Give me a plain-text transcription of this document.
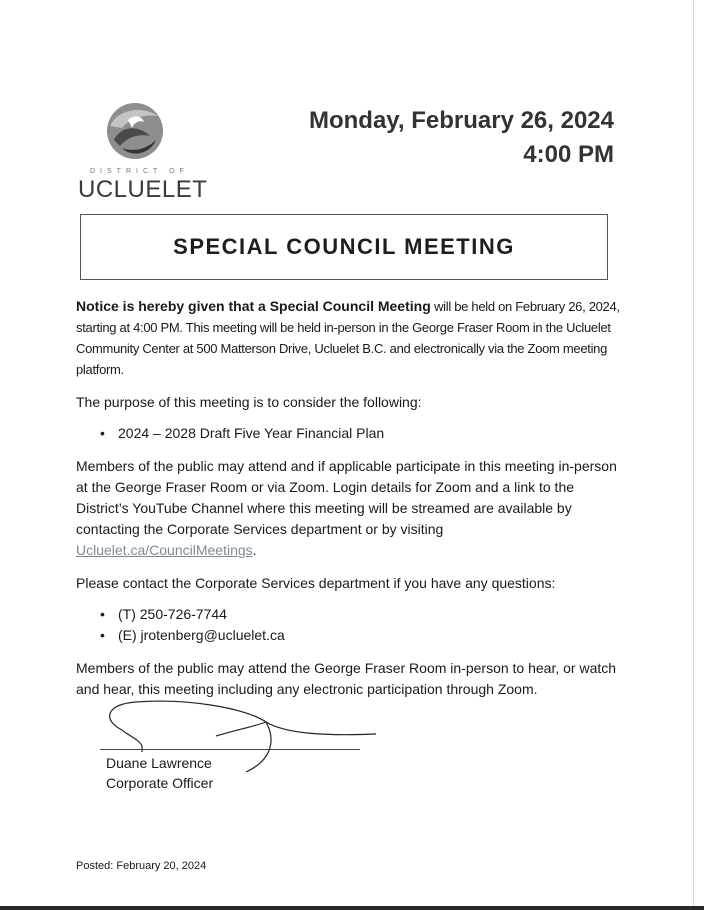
DISTRICT OF
UCLUELET
Monday, February 26, 2024
4:00 PM
SPECIAL COUNCIL MEETING

Notice is hereby given that a Special Council Meeting will be held on February 26, 2024, starting at 4:00 PM. This meeting will be held in-person in the George Fraser Room in the Ucluelet Community Center at 500 Matterson Drive, Ucluelet B.C. and electronically via the Zoom meeting platform.

The purpose of this meeting is to consider the following:

• 2024 – 2028 Draft Five Year Financial Plan

Members of the public may attend and if applicable participate in this meeting in-person at the George Fraser Room or via Zoom. Login details for Zoom and a link to the District’s YouTube Channel where this meeting will be streamed are available by contacting the Corporate Services department or by visiting Ucluelet.ca/CouncilMeetings.

Please contact the Corporate Services department if you have any questions:

• (T) 250-726-7744
• (E) jrotenberg@ucluelet.ca

Members of the public may attend the George Fraser Room in-person to hear, or watch and hear, this meeting including any electronic participation through Zoom.

Duane Lawrence
Corporate Officer
Posted: February 20, 2024
